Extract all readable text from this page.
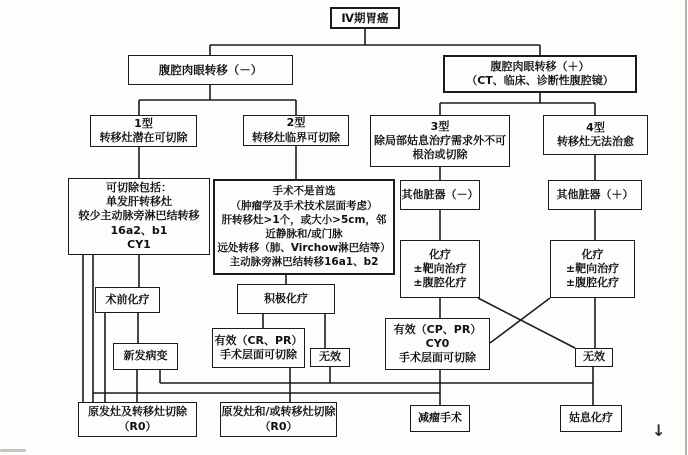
Ⅳ期胃癌
腹腔肉眼转移（－）	腹腔肉眼转移（＋）
（CT、临床、诊断性腹腔镜）
1型
转移灶潜在可切除
2型
转移灶临界可切除
3型
除局部姑息治疗需求外不可
根治或切除
4型
转移灶无法治愈
可切除包括：
单发肝转移灶
较少主动脉旁淋巴结转移
16a2、b1
CY1
手术不是首选
（肿瘤学及手术技术层面考虑）
肝转移灶>1个，或大小>5cm，邻
近静脉和/或门脉
远处转移（肺、Virchow淋巴结等）
主动脉旁淋巴结转移16a1、b2
其他脏器（－）	其他脏器（＋）
化疗
±靶向治疗
±腹腔化疗
化疗
±靶向治疗
±腹腔化疗
术前化疗	积极化疗
新发病变
有效（CR、PR）
手术层面可切除 无效
有效（CP、PR）
CY0
手术层面可切除	无效
原发灶及转移灶切除
（R0）
原发灶和/或转移灶切除
（R0）
减瘤手术	姑息化疗
↓
